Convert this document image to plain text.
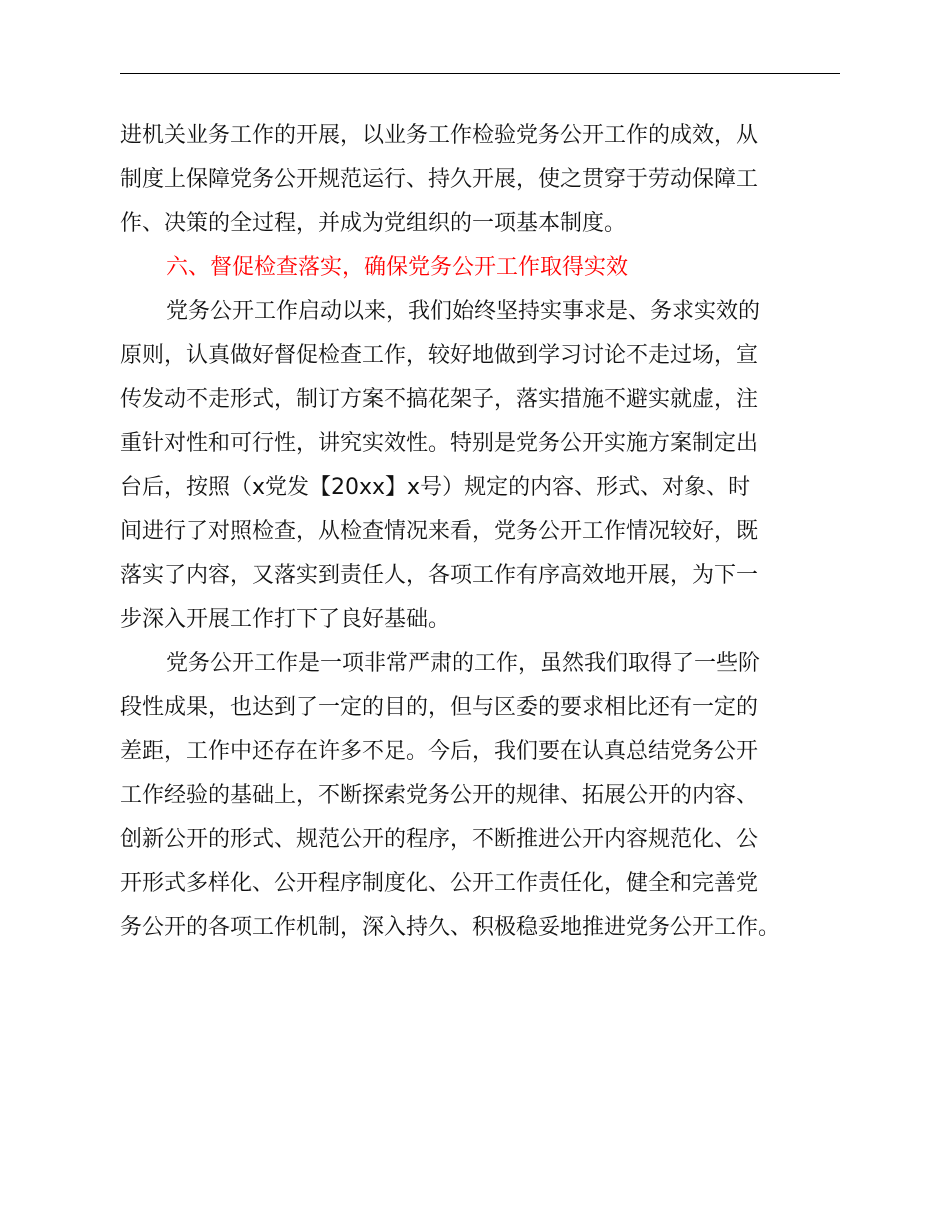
进机关业务工作的开展，以业务工作检验党务公开工作的成效，从
制度上保障党务公开规范运行、持久开展，使之贯穿于劳动保障工
作、决策的全过程，并成为党组织的一项基本制度。
六、督促检查落实，确保党务公开工作取得实效
党务公开工作启动以来，我们始终坚持实事求是、务求实效的
原则，认真做好督促检查工作，较好地做到学习讨论不走过场，宣
传发动不走形式，制订方案不搞花架子，落实措施不避实就虚，注
重针对性和可行性，讲究实效性。特别是党务公开实施方案制定出
台后，按照（x党发【20xx】x号）规定的内容、形式、对象、时
间进行了对照检查，从检查情况来看，党务公开工作情况较好，既
落实了内容，又落实到责任人，各项工作有序高效地开展，为下一
步深入开展工作打下了良好基础。
党务公开工作是一项非常严肃的工作，虽然我们取得了一些阶
段性成果，也达到了一定的目的，但与区委的要求相比还有一定的
差距，工作中还存在许多不足。今后，我们要在认真总结党务公开
工作经验的基础上，不断探索党务公开的规律、拓展公开的内容、
创新公开的形式、规范公开的程序，不断推进公开内容规范化、公
开形式多样化、公开程序制度化、公开工作责任化，健全和完善党
务公开的各项工作机制，深入持久、积极稳妥地推进党务公开工作。
